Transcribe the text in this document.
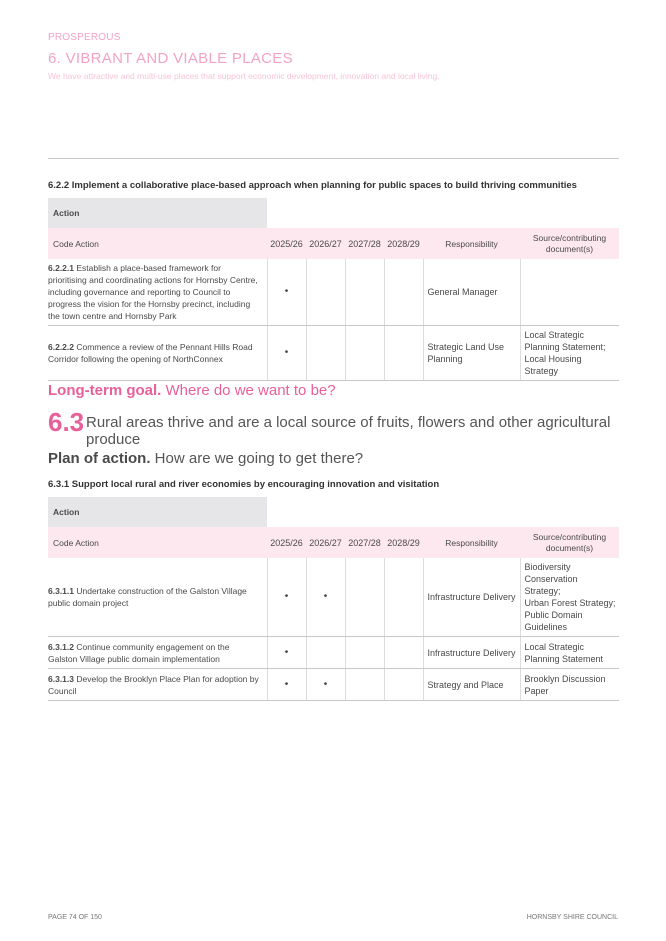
PROSPEROUS
6. VIBRANT AND VIABLE PLACES
We have attractive and multi-use places that support economic development, innovation and local living.
6.2.2 Implement a collaborative place-based approach when planning for public spaces to build thriving communities
Action						
Code Action	2025/26	2026/27	2027/28	2028/29	Responsibility	Source/contributing document(s)
6.2.2.1 Establish a place-based framework for prioritising and coordinating actions for Hornsby Centre, including governance and reporting to Council to progress the vision for the Hornsby precinct, including the town centre and Hornsby Park	•				General Manager	
6.2.2.2 Commence a review of the Pennant Hills Road Corridor following the opening of NorthConnex	•				Strategic Land Use Planning	Local Strategic Planning Statement;
Local Housing Strategy
Long-term goal. Where do we want to be?
6.3 Rural areas thrive and are a local source of fruits, flowers and other agricultural produce
Plan of action. How are we going to get there?
6.3.1 Support local rural and river economies by encouraging innovation and visitation
Action						
Code Action	2025/26	2026/27	2027/28	2028/29	Responsibility	Source/contributing document(s)
6.3.1.1 Undertake construction of the Galston Village public domain project	•	•			Infrastructure Delivery	Biodiversity Conservation Strategy;
Urban Forest Strategy;
Public Domain Guidelines
6.3.1.2 Continue community engagement on the Galston Village public domain implementation	•				Infrastructure Delivery	Local Strategic Planning Statement
6.3.1.3 Develop the Brooklyn Place Plan for adoption by Council	•	•			Strategy and Place	Brooklyn Discussion Paper
PAGE 74 OF 150	HORNSBY SHIRE COUNCIL
